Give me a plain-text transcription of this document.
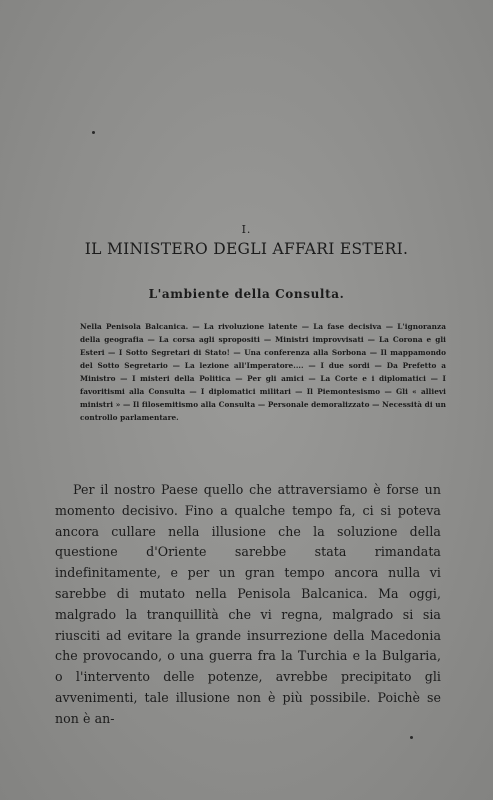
I.
IL MINISTERO DEGLI AFFARI ESTERI.
L'ambiente della Consulta.
Nella Penisola Balcanica. — La rivoluzione latente — La fase decisiva — L'ignoranza della geografia — La corsa agli spropositi — Ministri improvvisati — La Corona e gli Esteri — I Sotto Segretari di Stato! — Una conferenza alla Sorbona — Il mappamondo del Sotto Segretario — La lezione all'Imperatore.... — I due sordi — Da Prefetto a Ministro — I misteri della Politica — Per gli amici — La Corte e i diplomatici — I favoritismi alla Consulta — I diplomatici militari — Il Piemontesismo — Gli « allievi ministri » — Il filosemitismo alla Consulta — Personale demoralizzato — Necessità di un controllo parlamentare.
Per il nostro Paese quello che attraversiamo è forse un momento decisivo. Fino a qualche tempo fa, ci si poteva ancora cullare nella illusione che la soluzione della questione d'Oriente sarebbe stata rimandata indefinitamente, e per un gran tempo ancora nulla vi sarebbe di mutato nella Penisola Balcanica. Ma oggi, malgrado la tranquillità che vi regna, malgrado si sia riusciti ad evitare la grande insurrezione della Macedonia che provocando, o una guerra fra la Turchia e la Bulgaria, o l'intervento delle potenze, avrebbe precipitato gli avvenimenti, tale illusione non è più possibile. Poichè se non è an-
